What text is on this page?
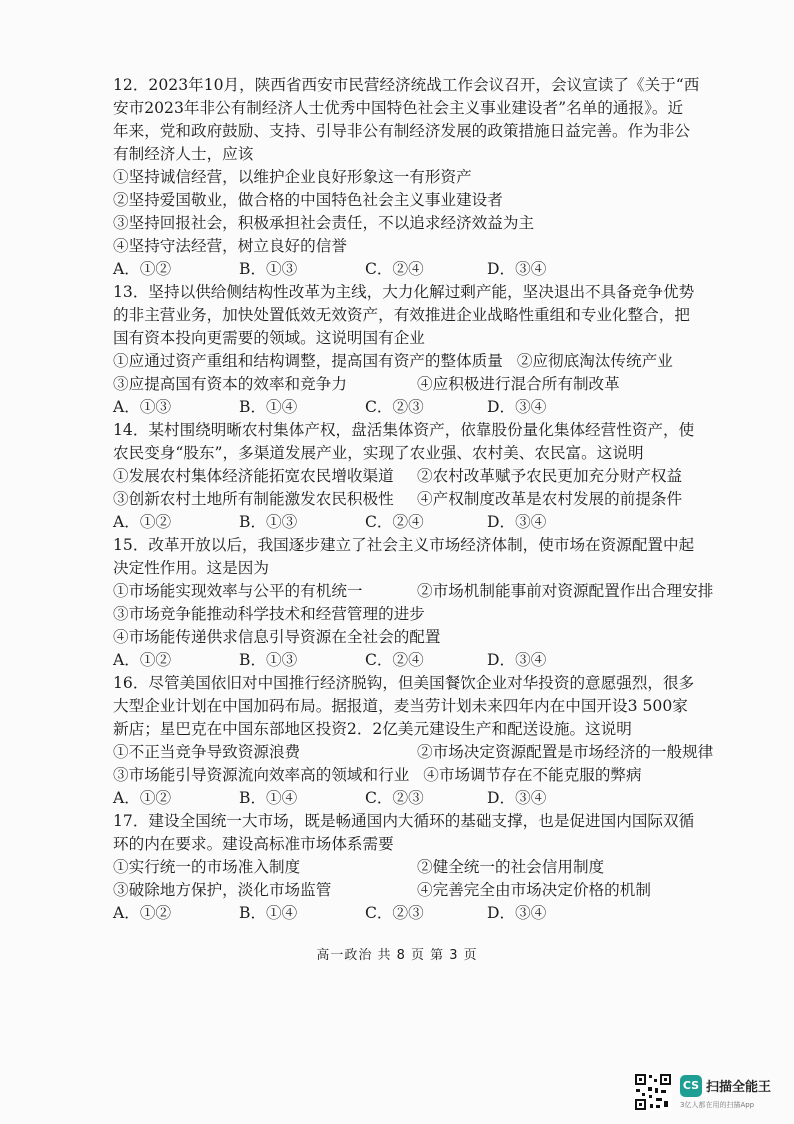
12．2023年10月，陕西省西安市民营经济统战工作会议召开，会议宣读了《关于“西
安市2023年非公有制经济人士优秀中国特色社会主义事业建设者”名单的通报》。近
年来，党和政府鼓励、支持、引导非公有制经济发展的政策措施日益完善。作为非公
有制经济人士，应该
①坚持诚信经营，以维护企业良好形象这一有形资产
②坚持爱国敬业，做合格的中国特色社会主义事业建设者
③坚持回报社会，积极承担社会责任，不以追求经济效益为主
④坚持守法经营，树立良好的信誉
A．①②	B．①③	C．②④	D．③④
13．坚持以供给侧结构性改革为主线，大力化解过剩产能，坚决退出不具备竞争优势
的非主营业务，加快处置低效无效资产，有效推进企业战略性重组和专业化整合，把
国有资本投向更需要的领域。这说明国有企业
①应通过资产重组和结构调整，提高国有资产的整体质量 ②应彻底淘汰传统产业
③应提高国有资本的效率和竞争力	④应积极进行混合所有制改革
A．①③	B．①④	C．②③	D．③④
14．某村围绕明晰农村集体产权，盘活集体资产，依靠股份量化集体经营性资产，使
农民变身“股东”，多渠道发展产业，实现了农业强、农村美、农民富。这说明
①发展农村集体经济能拓宽农民增收渠道	②农村改革赋予农民更加充分财产权益
③创新农村土地所有制能激发农民积极性	④产权制度改革是农村发展的前提条件
A．①②	B．①③	C．②④	D．③④
15．改革开放以后，我国逐步建立了社会主义市场经济体制，使市场在资源配置中起
决定性作用。这是因为
①市场能实现效率与公平的有机统一	②市场机制能事前对资源配置作出合理安排
③市场竞争能推动科学技术和经营管理的进步
④市场能传递供求信息引导资源在全社会的配置
A．①②	B．①③	C．②④	D．③④
16．尽管美国依旧对中国推行经济脱钩，但美国餐饮企业对华投资的意愿强烈，很多
大型企业计划在中国加码布局。据报道，麦当劳计划未来四年内在中国开设3 500家
新店；星巴克在中国东部地区投资2．2亿美元建设生产和配送设施。这说明
①不正当竞争导致资源浪费	②市场决定资源配置是市场经济的一般规律
③市场能引导资源流向效率高的领域和行业 ④市场调节存在不能克服的弊病
A．①②	B．①④	C．②③	D．③④
17．建设全国统一大市场，既是畅通国内大循环的基础支撑，也是促进国内国际双循
环的内在要求。建设高标准市场体系需要
①实行统一的市场准入制度	②健全统一的社会信用制度
③破除地方保护，淡化市场监管	④完善完全由市场决定价格的机制
A．①②	B．①④	C．②③	D．③④
高一政治 共 8 页 第 3 页
CS 扫描全能王
3亿人都在用的扫描App
